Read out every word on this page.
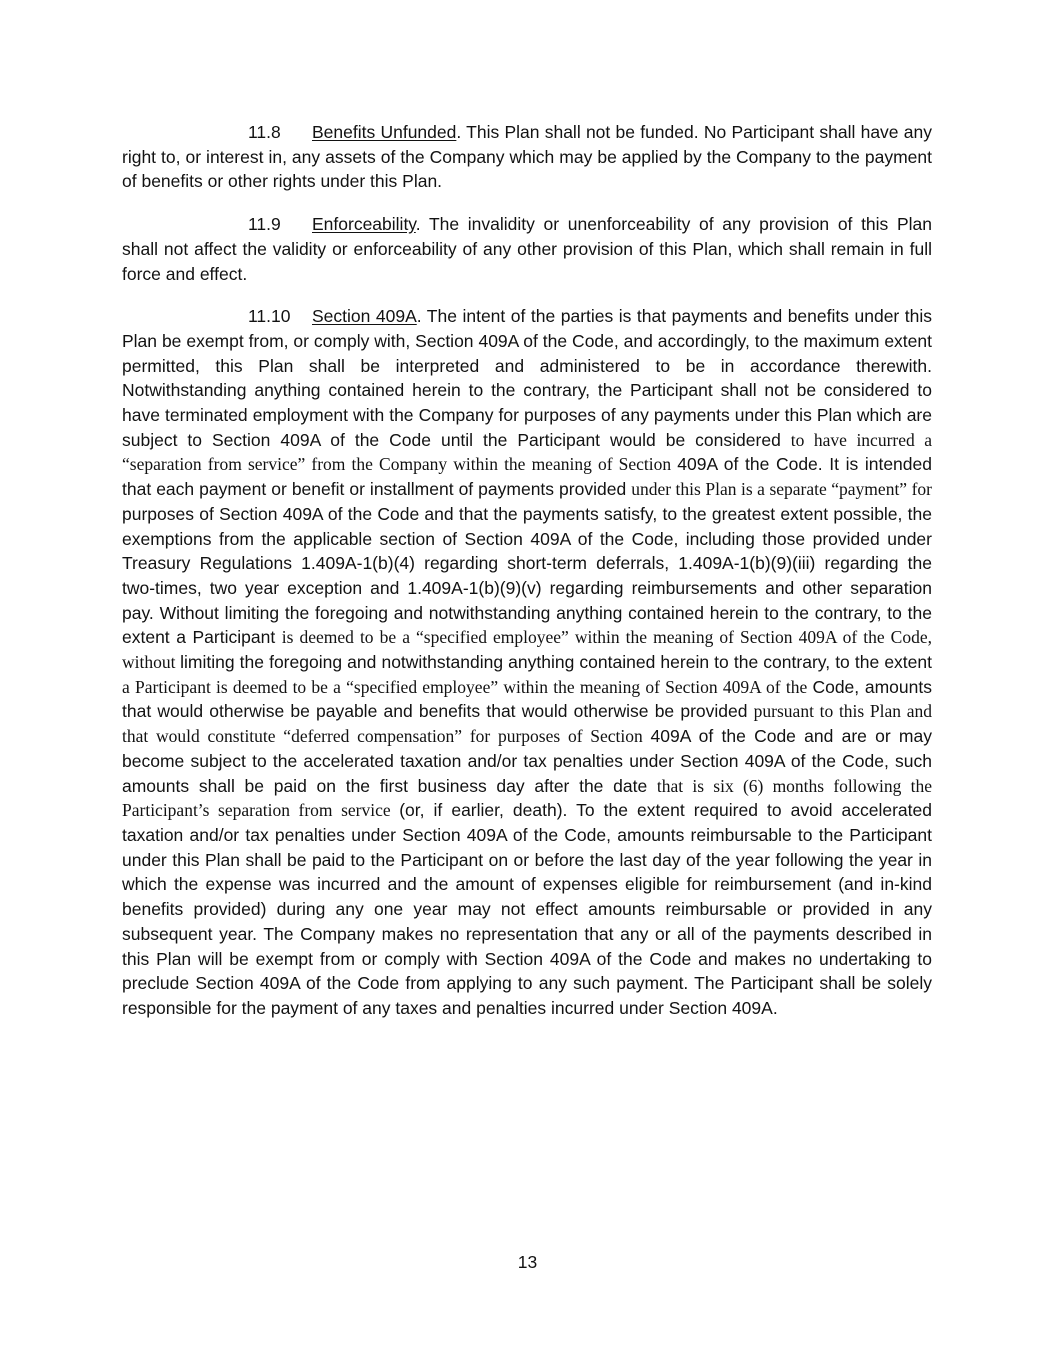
11.8 Benefits Unfunded. This Plan shall not be funded. No Participant shall have any right to, or interest in, any assets of the Company which may be applied by the Company to the payment of benefits or other rights under this Plan.

11.9 Enforceability. The invalidity or unenforceability of any provision of this Plan shall not affect the validity or enforceability of any other provision of this Plan, which shall remain in full force and effect.

11.10 Section 409A. The intent of the parties is that payments and benefits under this Plan be exempt from, or comply with, Section 409A of the Code, and accordingly, to the maximum extent permitted, this Plan shall be interpreted and administered to be in accordance therewith. Notwithstanding anything contained herein to the contrary, the Participant shall not be considered to have terminated employment with the Company for purposes of any payments under this Plan which are subject to Section 409A of the Code until the Participant would be considered to have incurred a “separation from service” from the Company within the meaning of Section 409A of the Code. It is intended that each payment or benefit or installment of payments provided under this Plan is a separate “payment” for purposes of Section 409A of the Code and that the payments satisfy, to the greatest extent possible, the exemptions from the applicable section of Section 409A of the Code, including those provided under Treasury Regulations 1.409A-1(b)(4) regarding short-term deferrals, 1.409A-1(b)(9)(iii) regarding the two-times, two year exception and 1.409A-1(b)(9)(v) regarding reimbursements and other separation pay. Without limiting the foregoing and notwithstanding anything contained herein to the contrary, to the extent a Participant is deemed to be a “specified employee” within the meaning of Section 409A of the Code, without limiting the foregoing and notwithstanding anything contained herein to the contrary, to the extent a Participant is deemed to be a “specified employee” within the meaning of Section 409A of the Code, amounts that would otherwise be payable and benefits that would otherwise be provided pursuant to this Plan and that would constitute “deferred compensation” for purposes of Section 409A of the Code and are or may become subject to the accelerated taxation and/or tax penalties under Section 409A of the Code, such amounts shall be paid on the first business day after the date that is six (6) months following the Participant’s separation from service (or, if earlier, death). To the extent required to avoid accelerated taxation and/or tax penalties under Section 409A of the Code, amounts reimbursable to the Participant under this Plan shall be paid to the Participant on or before the last day of the year following the year in which the expense was incurred and the amount of expenses eligible for reimbursement (and in-kind benefits provided) during any one year may not effect amounts reimbursable or provided in any subsequent year. The Company makes no representation that any or all of the payments described in this Plan will be exempt from or comply with Section 409A of the Code and makes no undertaking to preclude Section 409A of the Code from applying to any such payment. The Participant shall be solely responsible for the payment of any taxes and penalties incurred under Section 409A.

13
